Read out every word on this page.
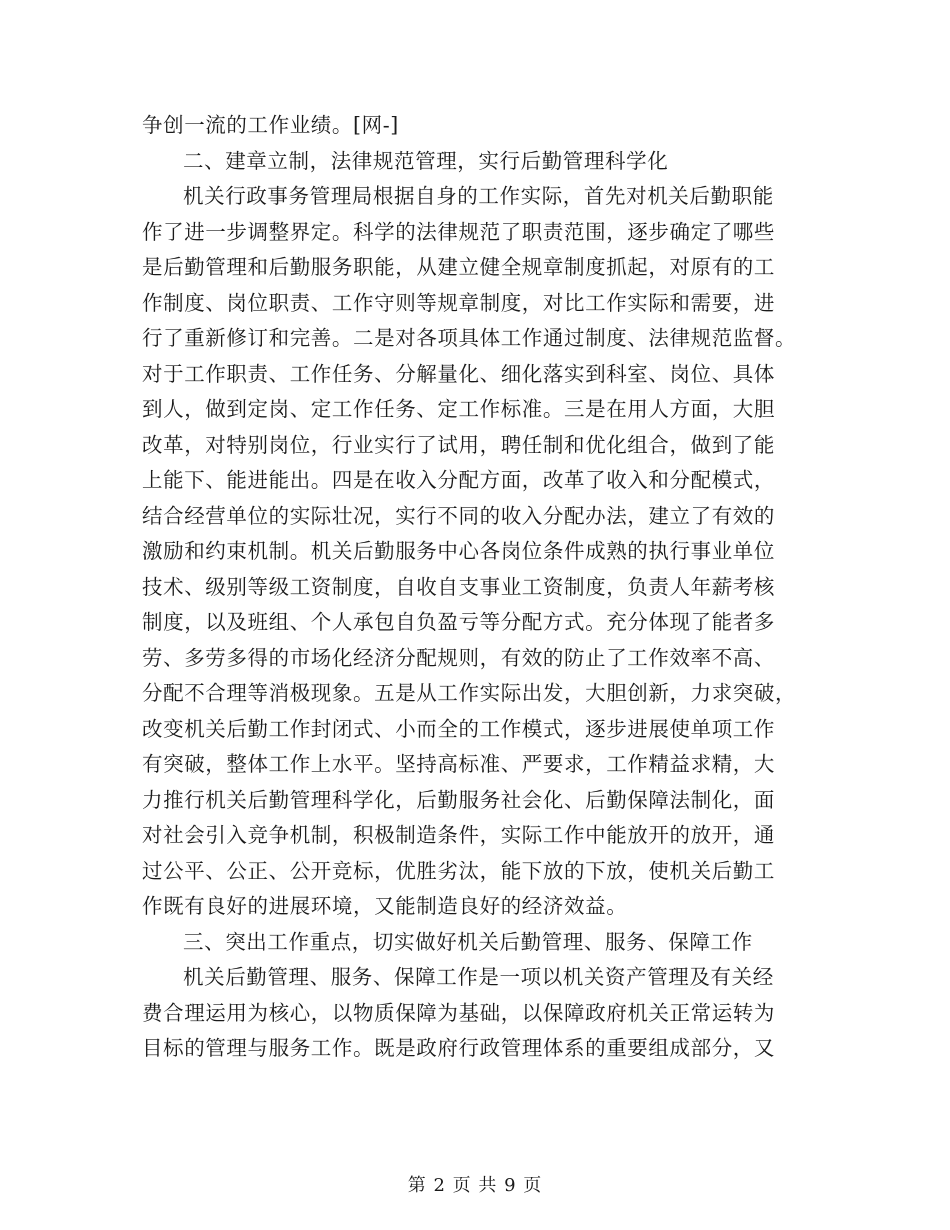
争创一流的工作业绩。[网-]
二、建章立制，法律规范管理，实行后勤管理科学化
机关行政事务管理局根据自身的工作实际，首先对机关后勤职能
作了进一步调整界定。科学的法律规范了职责范围，逐步确定了哪些
是后勤管理和后勤服务职能，从建立健全规章制度抓起，对原有的工
作制度、岗位职责、工作守则等规章制度，对比工作实际和需要，进
行了重新修订和完善。二是对各项具体工作通过制度、法律规范监督。
对于工作职责、工作任务、分解量化、细化落实到科室、岗位、具体
到人，做到定岗、定工作任务、定工作标准。三是在用人方面，大胆
改革，对特别岗位，行业实行了试用，聘任制和优化组合，做到了能
上能下、能进能出。四是在收入分配方面，改革了收入和分配模式，
结合经营单位的实际壮况，实行不同的收入分配办法，建立了有效的
激励和约束机制。机关后勤服务中心各岗位条件成熟的执行事业单位
技术、级别等级工资制度，自收自支事业工资制度，负责人年薪考核
制度，以及班组、个人承包自负盈亏等分配方式。充分体现了能者多
劳、多劳多得的市场化经济分配规则，有效的防止了工作效率不高、
分配不合理等消极现象。五是从工作实际出发，大胆创新，力求突破，
改变机关后勤工作封闭式、小而全的工作模式，逐步进展使单项工作
有突破，整体工作上水平。坚持高标准、严要求，工作精益求精，大
力推行机关后勤管理科学化，后勤服务社会化、后勤保障法制化，面
对社会引入竞争机制，积极制造条件，实际工作中能放开的放开，通
过公平、公正、公开竞标，优胜劣汰，能下放的下放，使机关后勤工
作既有良好的进展环境，又能制造良好的经济效益。
三、突出工作重点，切实做好机关后勤管理、服务、保障工作
机关后勤管理、服务、保障工作是一项以机关资产管理及有关经
费合理运用为核心，以物质保障为基础，以保障政府机关正常运转为
目标的管理与服务工作。既是政府行政管理体系的重要组成部分，又
第 2 页 共 9 页
